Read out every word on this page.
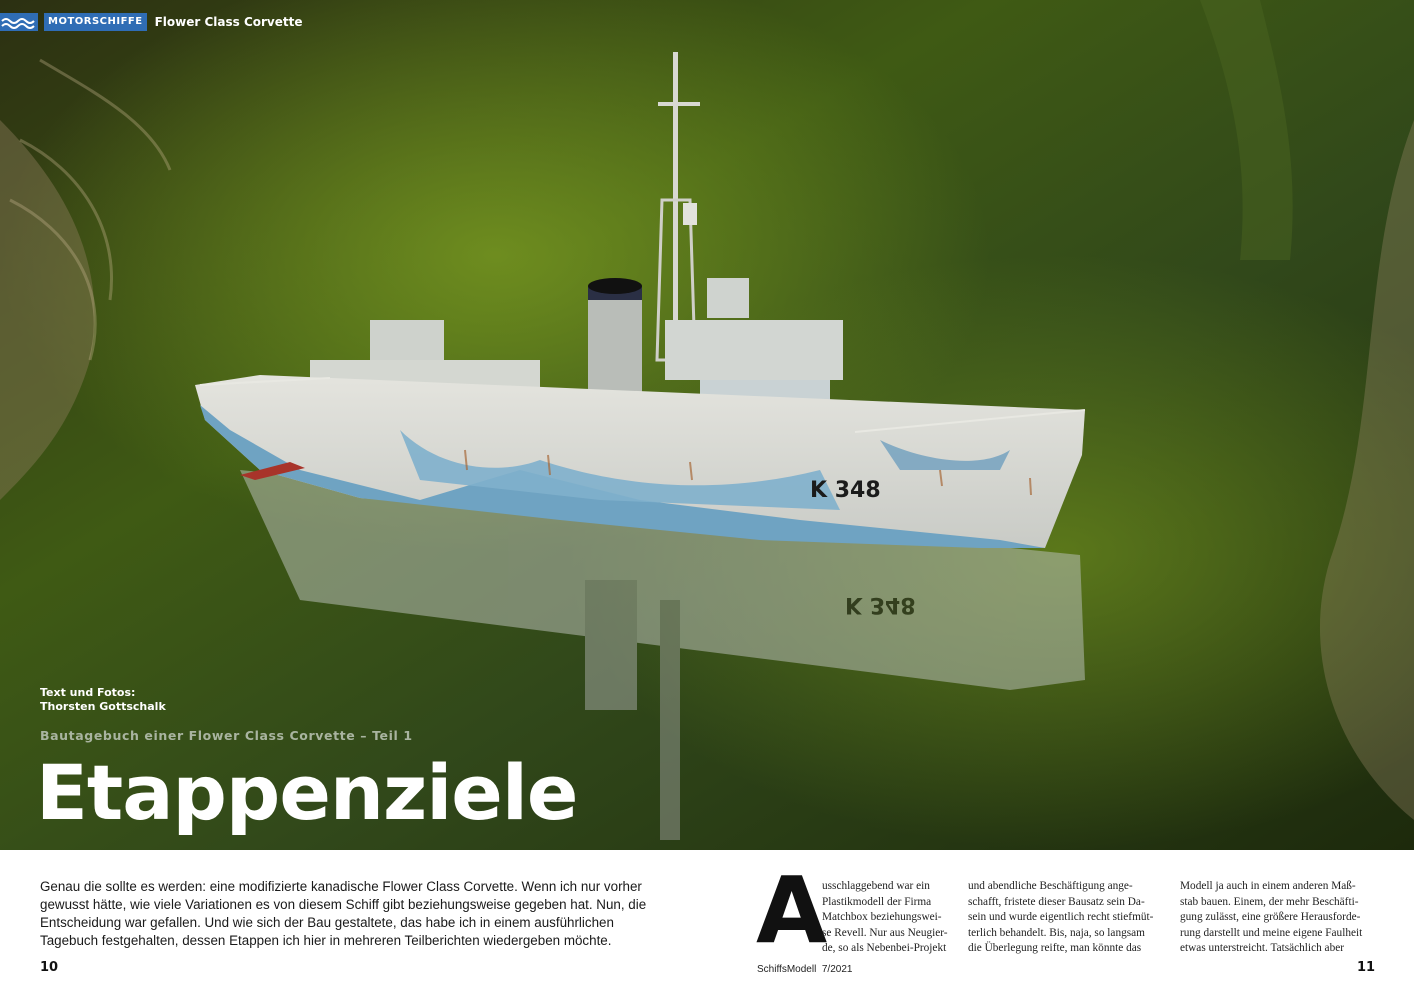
K 348
K 348
MOTORSCHIFFE	Flower Class Corvette
Text und Fotos:
Thorsten Gottschalk
Bautagebuch einer Flower Class Corvette – Teil 1
Etappenziele
Genau die sollte es werden: eine modifizierte kanadische Flower Class Corvette. Wenn ich nur vorher gewusst hätte, wie viele Variationen es von diesem Schiff gibt beziehungsweise gegeben hat. Nun, die Entscheidung war gefallen. Und wie sich der Bau gestaltete, das habe ich in einem ausführlichen Tagebuch festgehalten, dessen Etappen ich hier in mehreren Teilberichten wiedergeben möchte.	A
usschlaggebend war ein
Plastikmodell der Firma
Matchbox beziehungswei-
se Revell. Nur aus Neugier-
de, so als Nebenbei-Projekt
und abendliche Beschäftigung ange-
schafft, fristete dieser Bausatz sein Da-
sein und wurde eigentlich recht stiefmüt-
terlich behandelt. Bis, naja, so langsam
die Überlegung reifte, man könnte das
Modell ja auch in einem anderen Maß-
stab bauen. Einem, der mehr Beschäfti-
gung zulässt, eine größere Herausforde-
rung darstellt und meine eigene Faulheit
etwas unterstreicht. Tatsächlich aber
10	SchiffsModell 7/2021	11
